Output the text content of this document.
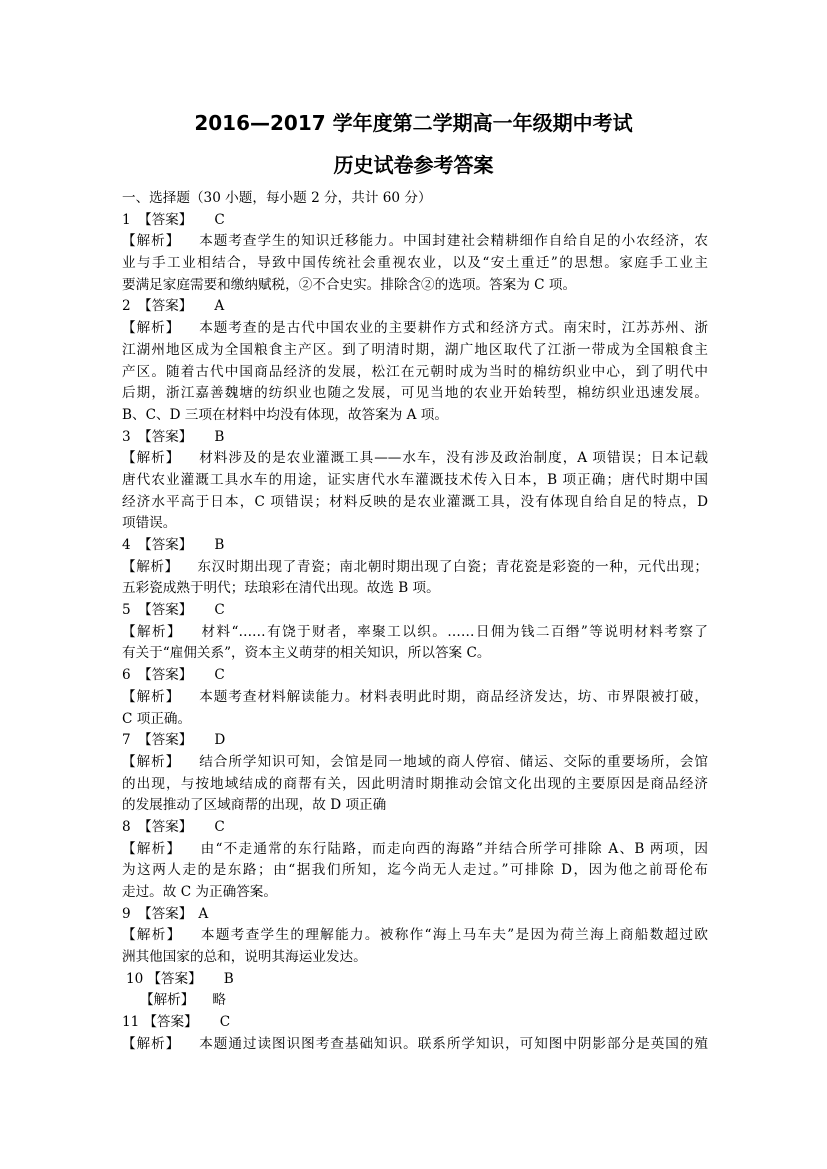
2016—2017 学年度第二学期高一年级期中考试
历史试卷参考答案
一、选择题（30 小题，每小题 2 分，共计 60 分）
1 【答案】 C
【解析】 本题考查学生的知识迁移能力。中国封建社会精耕细作自给自足的小农经济，农
业与手工业相结合，导致中国传统社会重视农业，以及“安土重迁”的思想。家庭手工业主
要满足家庭需要和缴纳赋税，②不合史实。排除含②的选项。答案为 C 项。
2 【答案】 A
【解析】 本题考查的是古代中国农业的主要耕作方式和经济方式。南宋时，江苏苏州、浙
江湖州地区成为全国粮食主产区。到了明清时期，湖广地区取代了江浙一带成为全国粮食主
产区。随着古代中国商品经济的发展，松江在元朝时成为当时的棉纺织业中心，到了明代中
后期，浙江嘉善魏塘的纺织业也随之发展，可见当地的农业开始转型，棉纺织业迅速发展。
B、C、D 三项在材料中均没有体现，故答案为 A 项。
3 【答案】 B
【解析】 材料涉及的是农业灌溉工具——水车，没有涉及政治制度，A 项错误；日本记载
唐代农业灌溉工具水车的用途，证实唐代水车灌溉技术传入日本，B 项正确；唐代时期中国
经济水平高于日本，C 项错误；材料反映的是农业灌溉工具，没有体现自给自足的特点，D
项错误。
4 【答案】 B
【解析】 东汉时期出现了青瓷；南北朝时期出现了白瓷；青花瓷是彩瓷的一种，元代出现；
五彩瓷成熟于明代；珐琅彩在清代出现。故选 B 项。
5 【答案】 C
【解析】 材料“……有饶于财者，率聚工以织。……日佣为钱二百缗”等说明材料考察了
有关于“雇佣关系”，资本主义萌芽的相关知识，所以答案 C。
6 【答案】 C
【解析】 本题考查材料解读能力。材料表明此时期，商品经济发达，坊、市界限被打破，
C 项正确。
7 【答案】 D
【解析】 结合所学知识可知，会馆是同一地域的商人停宿、储运、交际的重要场所，会馆
的出现，与按地域结成的商帮有关，因此明清时期推动会馆文化出现的主要原因是商品经济
的发展推动了区域商帮的出现，故 D 项正确
8 【答案】 C
【解析】 由“不走通常的东行陆路，而走向西的海路”并结合所学可排除 A、B 两项，因
为这两人走的是东路；由“据我们所知，迄今尚无人走过。”可排除 D，因为他之前哥伦布
走过。故 C 为正确答案。
9 【答案】 A
【解析】 本题考查学生的理解能力。被称作“海上马车夫”是因为荷兰海上商船数超过欧
洲其他国家的总和，说明其海运业发达。
10 【答案】 B
【解析】 略
11 【答案】 C
【解析】 本题通过读图识图考查基础知识。联系所学知识，可知图中阴影部分是英国的殖
